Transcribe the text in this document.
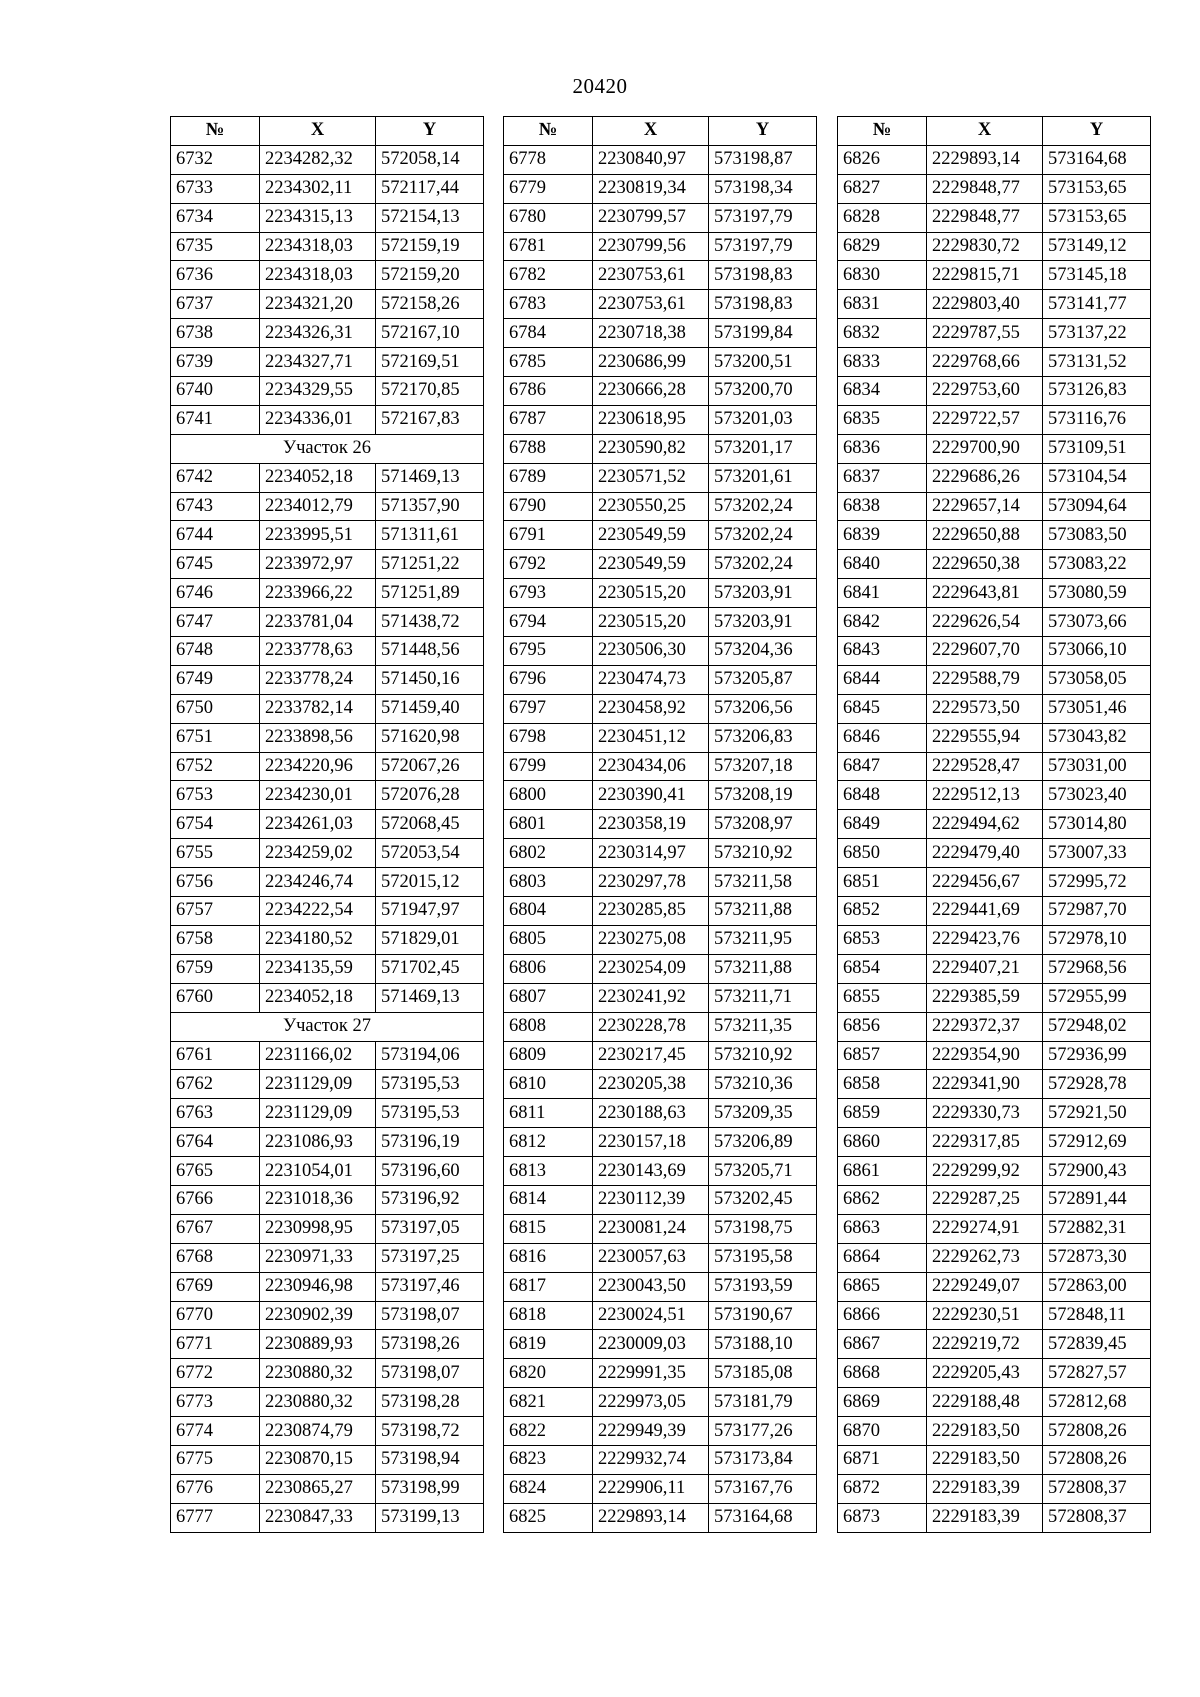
20420
№	X	Y
6732	2234282,32	572058,14
6733	2234302,11	572117,44
6734	2234315,13	572154,13
6735	2234318,03	572159,19
6736	2234318,03	572159,20
6737	2234321,20	572158,26
6738	2234326,31	572167,10
6739	2234327,71	572169,51
6740	2234329,55	572170,85
6741	2234336,01	572167,83
Участок 26		
6742	2234052,18	571469,13
6743	2234012,79	571357,90
6744	2233995,51	571311,61
6745	2233972,97	571251,22
6746	2233966,22	571251,89
6747	2233781,04	571438,72
6748	2233778,63	571448,56
6749	2233778,24	571450,16
6750	2233782,14	571459,40
6751	2233898,56	571620,98
6752	2234220,96	572067,26
6753	2234230,01	572076,28
6754	2234261,03	572068,45
6755	2234259,02	572053,54
6756	2234246,74	572015,12
6757	2234222,54	571947,97
6758	2234180,52	571829,01
6759	2234135,59	571702,45
6760	2234052,18	571469,13
Участок 27		
6761	2231166,02	573194,06
6762	2231129,09	573195,53
6763	2231129,09	573195,53
6764	2231086,93	573196,19
6765	2231054,01	573196,60
6766	2231018,36	573196,92
6767	2230998,95	573197,05
6768	2230971,33	573197,25
6769	2230946,98	573197,46
6770	2230902,39	573198,07
6771	2230889,93	573198,26
6772	2230880,32	573198,07
6773	2230880,32	573198,28
6774	2230874,79	573198,72
6775	2230870,15	573198,94
6776	2230865,27	573198,99
6777	2230847,33	573199,13
№	X	Y
6778	2230840,97	573198,87
6779	2230819,34	573198,34
6780	2230799,57	573197,79
6781	2230799,56	573197,79
6782	2230753,61	573198,83
6783	2230753,61	573198,83
6784	2230718,38	573199,84
6785	2230686,99	573200,51
6786	2230666,28	573200,70
6787	2230618,95	573201,03
6788	2230590,82	573201,17
6789	2230571,52	573201,61
6790	2230550,25	573202,24
6791	2230549,59	573202,24
6792	2230549,59	573202,24
6793	2230515,20	573203,91
6794	2230515,20	573203,91
6795	2230506,30	573204,36
6796	2230474,73	573205,87
6797	2230458,92	573206,56
6798	2230451,12	573206,83
6799	2230434,06	573207,18
6800	2230390,41	573208,19
6801	2230358,19	573208,97
6802	2230314,97	573210,92
6803	2230297,78	573211,58
6804	2230285,85	573211,88
6805	2230275,08	573211,95
6806	2230254,09	573211,88
6807	2230241,92	573211,71
6808	2230228,78	573211,35
6809	2230217,45	573210,92
6810	2230205,38	573210,36
6811	2230188,63	573209,35
6812	2230157,18	573206,89
6813	2230143,69	573205,71
6814	2230112,39	573202,45
6815	2230081,24	573198,75
6816	2230057,63	573195,58
6817	2230043,50	573193,59
6818	2230024,51	573190,67
6819	2230009,03	573188,10
6820	2229991,35	573185,08
6821	2229973,05	573181,79
6822	2229949,39	573177,26
6823	2229932,74	573173,84
6824	2229906,11	573167,76
6825	2229893,14	573164,68
№	X	Y
6826	2229893,14	573164,68
6827	2229848,77	573153,65
6828	2229848,77	573153,65
6829	2229830,72	573149,12
6830	2229815,71	573145,18
6831	2229803,40	573141,77
6832	2229787,55	573137,22
6833	2229768,66	573131,52
6834	2229753,60	573126,83
6835	2229722,57	573116,76
6836	2229700,90	573109,51
6837	2229686,26	573104,54
6838	2229657,14	573094,64
6839	2229650,88	573083,50
6840	2229650,38	573083,22
6841	2229643,81	573080,59
6842	2229626,54	573073,66
6843	2229607,70	573066,10
6844	2229588,79	573058,05
6845	2229573,50	573051,46
6846	2229555,94	573043,82
6847	2229528,47	573031,00
6848	2229512,13	573023,40
6849	2229494,62	573014,80
6850	2229479,40	573007,33
6851	2229456,67	572995,72
6852	2229441,69	572987,70
6853	2229423,76	572978,10
6854	2229407,21	572968,56
6855	2229385,59	572955,99
6856	2229372,37	572948,02
6857	2229354,90	572936,99
6858	2229341,90	572928,78
6859	2229330,73	572921,50
6860	2229317,85	572912,69
6861	2229299,92	572900,43
6862	2229287,25	572891,44
6863	2229274,91	572882,31
6864	2229262,73	572873,30
6865	2229249,07	572863,00
6866	2229230,51	572848,11
6867	2229219,72	572839,45
6868	2229205,43	572827,57
6869	2229188,48	572812,68
6870	2229183,50	572808,26
6871	2229183,50	572808,26
6872	2229183,39	572808,37
6873	2229183,39	572808,37
